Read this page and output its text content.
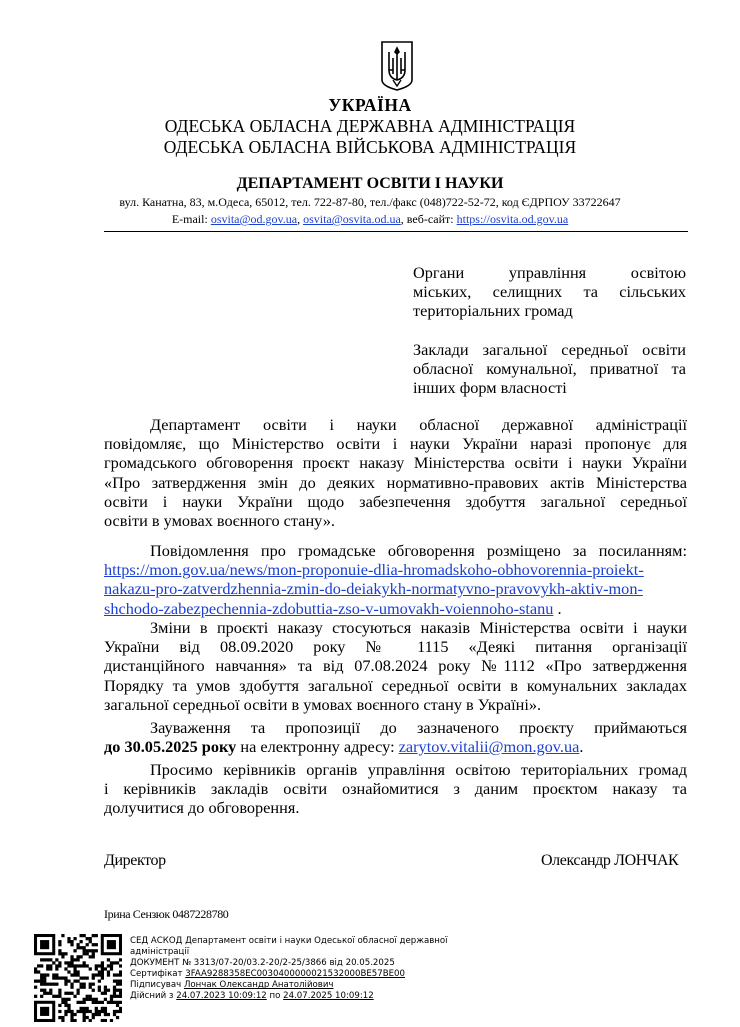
УКРАЇНА
ОДЕСЬКА ОБЛАСНА ДЕРЖАВНА АДМІНІСТРАЦІЯ
ОДЕСЬКА ОБЛАСНА ВІЙСЬКОВА АДМІНІСТРАЦІЯ
ДЕПАРТАМЕНТ ОСВІТИ І НАУКИ
вул. Канатна, 83, м.Одеса, 65012, тел. 722-87-80, тел./факс (048)722-52-72, код ЄДРПОУ 33722647
E-mail: osvita@od.gov.ua, osvita@osvita.od.ua, веб-сайт: https://osvita.od.gov.ua
Органи управління освітою
міських, селищних та сільських
територіальних громад
Заклади загальної середньої освіти
обласної комунальної, приватної та
інших форм власності
Департамент освіти і науки обласної державної адміністрації
повідомляє, що Міністерство освіти і науки України наразі пропонує для
громадського обговорення проєкт наказу Міністерства освіти і науки України
«Про затвердження змін до деяких нормативно-правових актів Міністерства
освіти і науки України щодо забезпечення здобуття загальної середньої
освіти в умовах воєнного стану».
Повідомлення про громадське обговорення розміщено за посиланням:
https://mon.gov.ua/news/mon-proponuie-dlia-hromadskoho-obhovorennia-proiekt-
nakazu-pro-zatverdzhennia-zmin-do-deiakykh-normatyvno-pravovykh-aktiv-mon-
shchodo-zabezpechennia-zdobuttia-zso-v-umovakh-voiennoho-stanu .
Зміни в проєкті наказу стосуються наказів Міністерства освіти і науки
України від 08.09.2020 року № 1115 «Деякі питання організації
дистанційного навчання» та від 07.08.2024 року №1112 «Про затвердження
Порядку та умов здобуття загальної середньої освіти в комунальних закладах
загальної середньої освіти в умовах воєнного стану в Україні».
Зауваження та пропозиції до зазначеного проєкту приймаються
до 30.05.2025 року на електронну адресу: zarytov.vitalii@mon.gov.ua.
Просимо керівників органів управління освітою територіальних громад
і керівників закладів освіти ознайомитися з даним проєктом наказу та
долучитися до обговорення.
Директор	Олександр ЛОНЧАК
Ірина Сензюк 0487228780
СЕД АСКОД Департамент освіти і науки Одеської обласної державної
адміністрації
ДОКУМЕНТ № 3313/07-20/03.2-20/2-25/3866 від 20.05.2025
Сертифікат 3FAA9288358EC0030400000021532000BE57BE00
Підписувач Лончак Олександр Анатолійович
Дійсний з 24.07.2023 10:09:12 по 24.07.2025 10:09:12
